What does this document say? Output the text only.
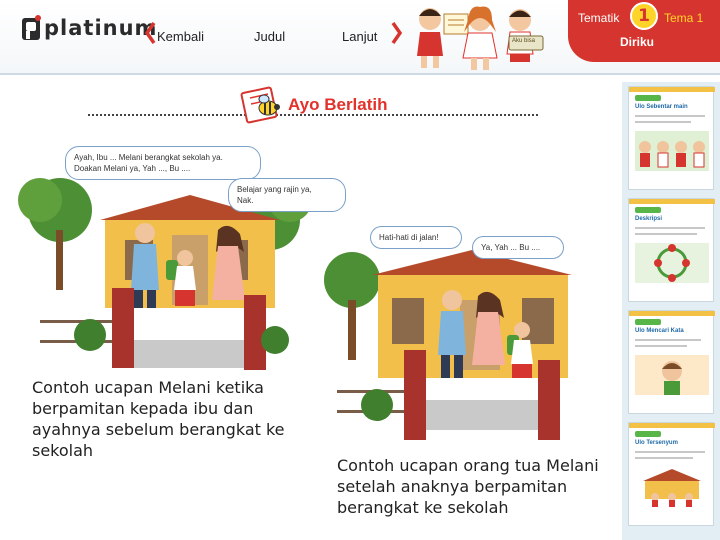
platinum Kembali	Judul	Lanjut	Aku bisa
Tematik	1	Tema 1
Diriku
Ayo Berlatih
Ayah, Ibu ... Melani berangkat sekolah ya.
Doakan Melani ya, Yah ..., Bu ....
Belajar yang rajin ya,
Nak.

Contoh ucapan Melani ketika berpamitan kepada ibu dan ayahnya sebelum berangkat ke sekolah

Hati-hati di jalan!
Ya, Yah ... Bu ....

Contoh ucapan orang tua Melani setelah anaknya berpamitan berangkat ke sekolah

Ulo Sebentar main
Deskripsi
Ulo Mencari Kata
Ulo Tersenyum
